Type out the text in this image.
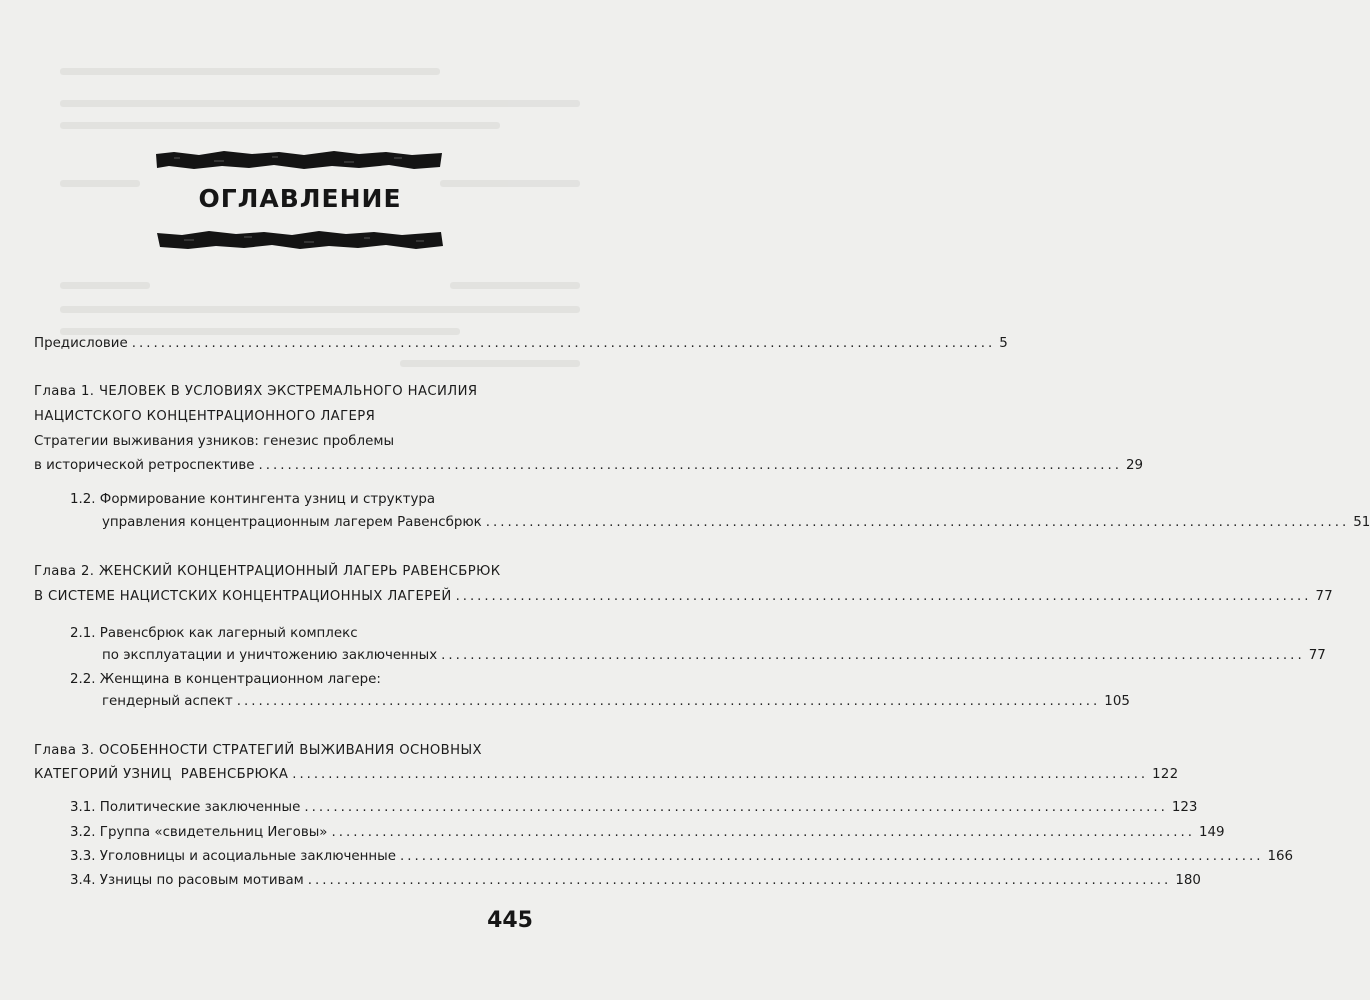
ОГЛАВЛЕНИЕ
Предисловие ....................................................................................................................... 5
Глава 1. ЧЕЛОВЕК В УСЛОВИЯХ ЭКСТРЕМАЛЬНОГО НАСИЛИЯ
НАЦИСТСКОГО КОНЦЕНТРАЦИОННОГО ЛАГЕРЯ
Стратегии выживания узников: генезис проблемы
в исторической ретроспективе ....................................................................................................................... 29
1.2. Формирование контингента узниц и структура
управления концентрационным лагерем Равенсбрюк ....................................................................................................................... 51
Глава 2. ЖЕНСКИЙ КОНЦЕНТРАЦИОННЫЙ ЛАГЕРЬ РАВЕНСБРЮК
В СИСТЕМЕ НАЦИСТСКИХ КОНЦЕНТРАЦИОННЫХ ЛАГЕРЕЙ ....................................................................................................................... 77
2.1. Равенсбрюк как лагерный комплекс
по эксплуатации и уничтожению заключенных ....................................................................................................................... 77
2.2. Женщина в концентрационном лагере:
гендерный аспект ....................................................................................................................... 105
Глава 3. ОСОБЕННОСТИ СТРАТЕГИЙ ВЫЖИВАНИЯ ОСНОВНЫХ
КАТЕГОРИЙ УЗНИЦ  РАВЕНСБРЮКА ....................................................................................................................... 122
3.1. Политические заключенные ....................................................................................................................... 123
3.2. Группа «свидетельниц Иеговы» ....................................................................................................................... 149
3.3. Уголовницы и асоциальные заключенные ....................................................................................................................... 166
3.4. Узницы по расовым мотивам ....................................................................................................................... 180
445
